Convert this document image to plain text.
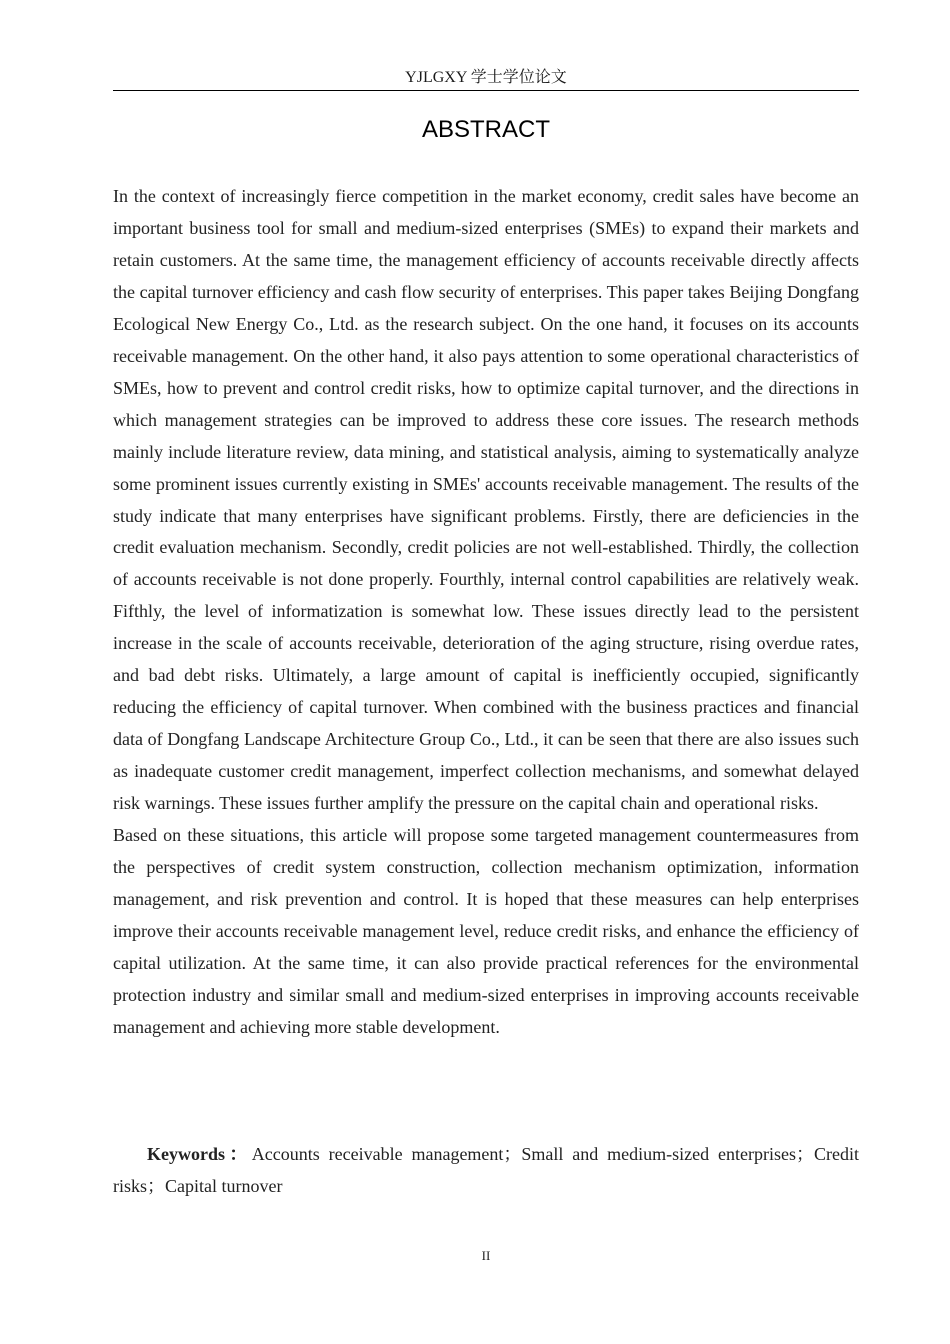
YJLGXY 学士学位论文
ABSTRACT

In the context of increasingly fierce competition in the market economy, credit sales have become an important business tool for small and medium-sized enterprises (SMEs) to expand their markets and retain customers. At the same time, the management efficiency of accounts receivable directly affects the capital turnover efficiency and cash flow security of enterprises. This paper takes Beijing Dongfang Ecological New Energy Co., Ltd. as the research subject. On the one hand, it focuses on its accounts receivable management. On the other hand, it also pays attention to some operational characteristics of SMEs, how to prevent and control credit risks, how to optimize capital turnover, and the directions in which management strategies can be improved to address these core issues. The research methods mainly include literature review, data mining, and statistical analysis, aiming to systematically analyze some prominent issues currently existing in SMEs' accounts receivable management. The results of the study indicate that many enterprises have significant problems. Firstly, there are deficiencies in the credit evaluation mechanism. Secondly, credit policies are not well-established. Thirdly, the collection of accounts receivable is not done properly. Fourthly, internal control capabilities are relatively weak. Fifthly, the level of informatization is somewhat low. These issues directly lead to the persistent increase in the scale of accounts receivable, deterioration of the aging structure, rising overdue rates, and bad debt risks. Ultimately, a large amount of capital is inefficiently occupied, significantly reducing the efficiency of capital turnover. When combined with the business practices and financial data of Dongfang Landscape Architecture Group Co., Ltd., it can be seen that there are also issues such as inadequate customer credit management, imperfect collection mechanisms, and somewhat delayed risk warnings. These issues further amplify the pressure on the capital chain and operational risks.

Based on these situations, this article will propose some targeted management countermeasures from the perspectives of credit system construction, collection mechanism optimization, information management, and risk prevention and control. It is hoped that these measures can help enterprises improve their accounts receivable management level, reduce credit risks, and enhance the efficiency of capital utilization. At the same time, it can also provide practical references for the environmental protection industry and similar small and medium-sized enterprises in improving accounts receivable management and achieving more stable development.

Keywords：Accounts receivable management；Small and medium-sized enterprises；Credit risks；Capital turnover
II
